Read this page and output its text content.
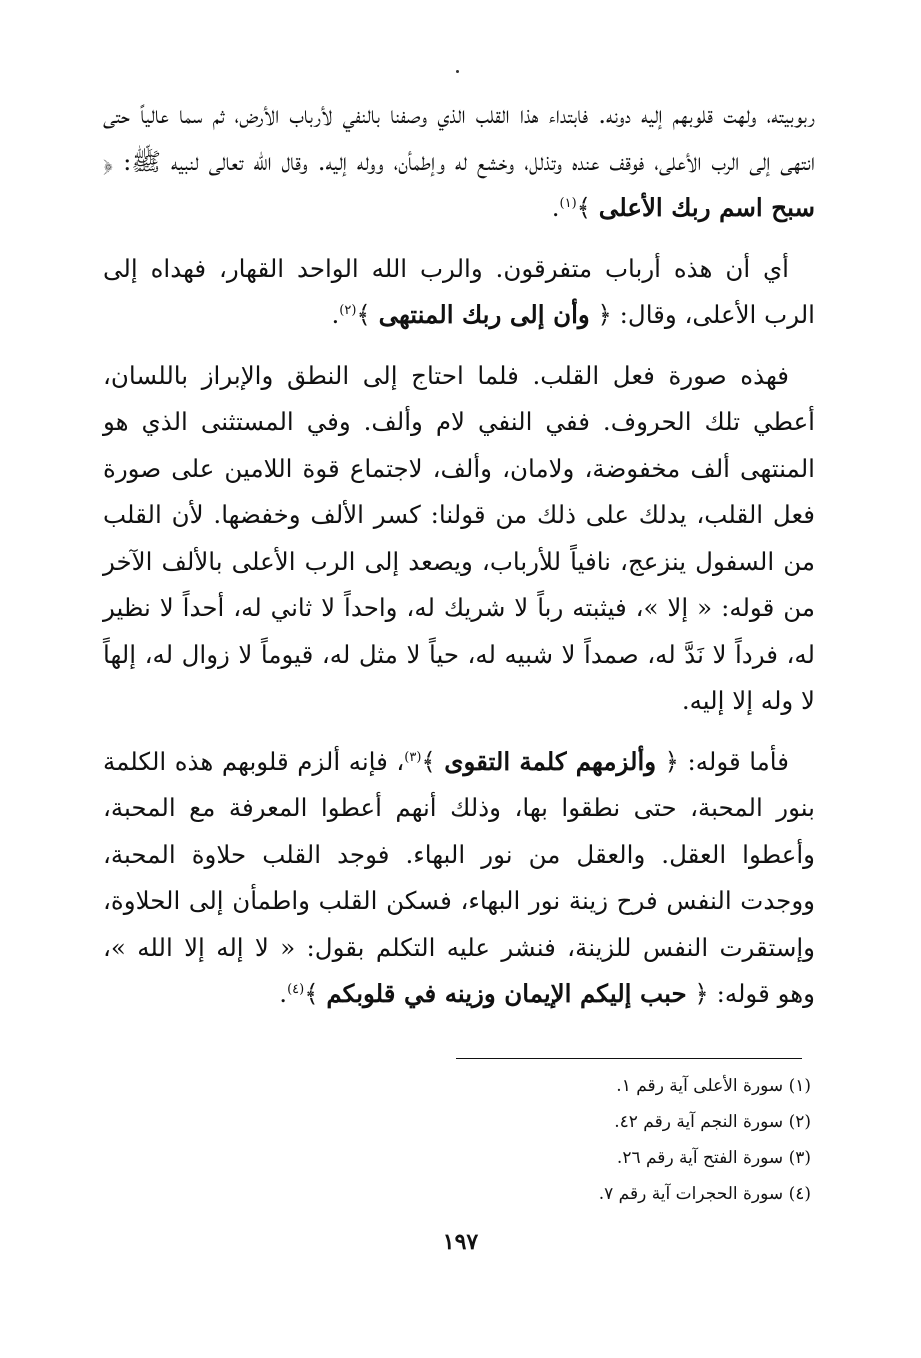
ربوبيته، ولهت قلوبهم إليه دونه. فابتداء هذا القلب الذي وصفنا بالنفي لأرباب الأرض، ثم سما عالياً حتى انتهى إلى الرب الأعلى، فوقف عنده وتذلل، وخشع له وإطمأن، ووله إليه. وقال الله تعالى لنبيه ﷺ: ﴿ سبح اسم ربك الأعلى ﴾$^{(١)}$.

أي أن هذه أرباب متفرقون. والرب الله الواحد القهار، فهداه إلى الرب الأعلى، وقال: ﴿ وأن إلى ربك المنتهى ﴾$^{(٢)}$.

فهذه صورة فعل القلب. فلما احتاج إلى النطق والإبراز باللسان، أعطي تلك الحروف. ففي النفي لام وألف. وفي المستثنى الذي هو المنتهى ألف مخفوضة، ولامان، وألف، لاجتماع قوة اللامين على صورة فعل القلب، يدلك على ذلك من قولنا: كسر الألف وخفضها. لأن القلب من السفول ينزعج، نافياً للأرباب، ويصعد إلى الرب الأعلى بالألف الآخر من قوله: « إلا »، فيثبته رباً لا شريك له، واحداً لا ثاني له، أحداً لا نظير له، فرداً لا نَدَّ له، صمداً لا شبيه له، حياً لا مثل له، قيوماً لا زوال له، إلهاً لا وله إلا إليه.

فأما قوله: ﴿ وألزمهم كلمة التقوى ﴾$^{(٣)}$، فإنه ألزم قلوبهم هذه الكلمة بنور المحبة، حتى نطقوا بها، وذلك أنهم أعطوا المعرفة مع المحبة، وأعطوا العقل. والعقل من نور البهاء. فوجد القلب حلاوة المحبة، ووجدت النفس فرح زينة نور البهاء، فسكن القلب واطمأن إلى الحلاوة، وإستقرت النفس للزينة، فنشر عليه التكلم بقول: « لا إله إلا الله »، وهو قوله: ﴿ حبب إليكم الإيمان وزينه في قلوبكم ﴾$^{(٤)}$.

(١) سورة الأعلى آية رقم ١.
(٢) سورة النجم آية رقم ٤٢.
(٣) سورة الفتح آية رقم ٢٦.
(٤) سورة الحجرات آية رقم ٧.
١٩٧
